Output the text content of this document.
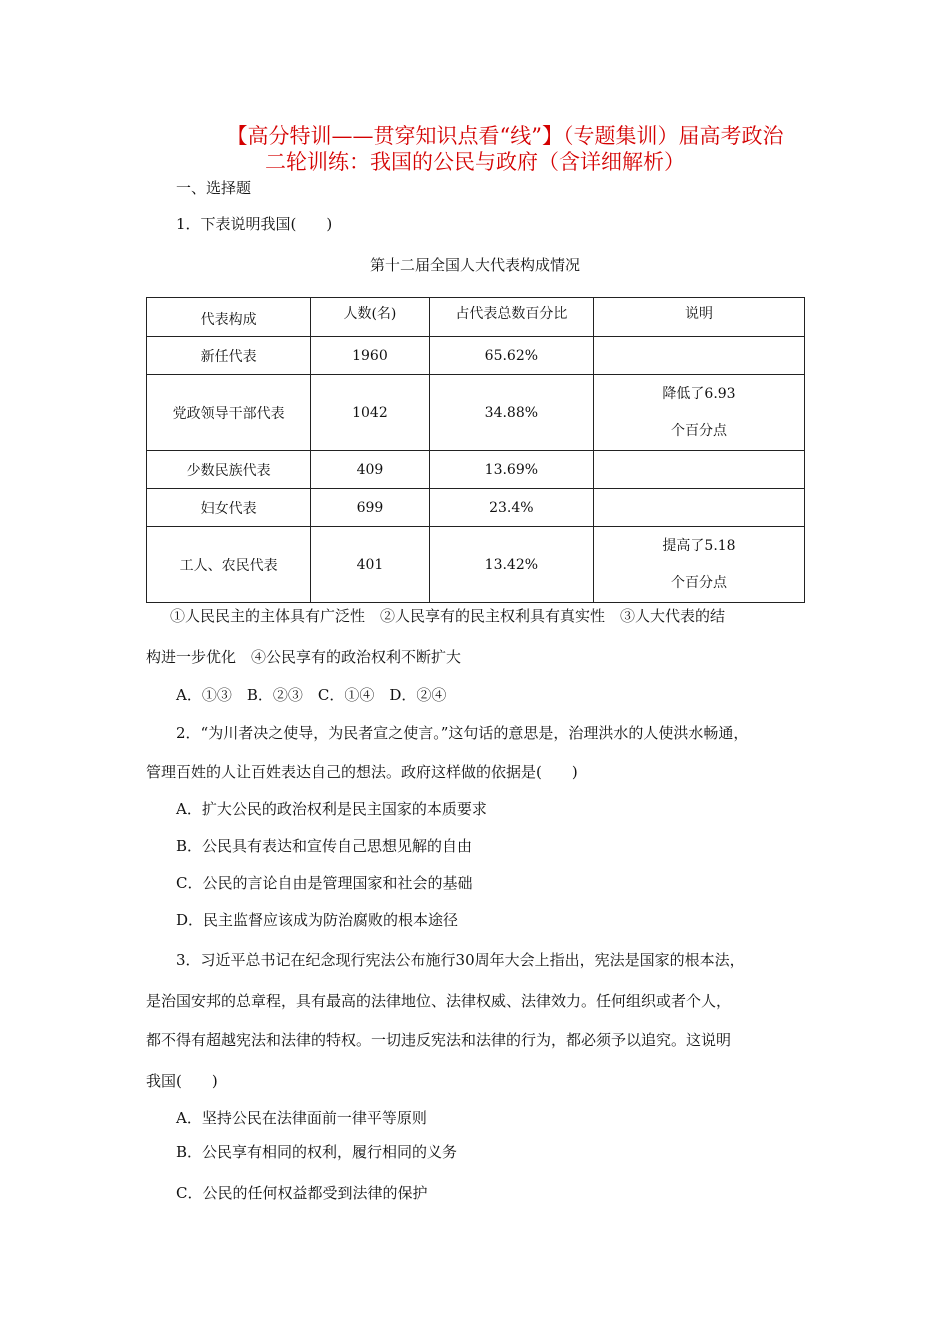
【高分特训——贯穿知识点看“线”】（专题集训）届高考政治
二轮训练：我国的公民与政府（含详细解析）
一、选择题
1．下表说明我国(　　)
第十二届全国人大代表构成情况
代表构成	人数(名)	占代表总数百分比	说明
新任代表	1960	65.62%	
党政领导干部代表	1042	34.88%	降低了6.93
个百分点

少数民族代表	409	13.69%	
妇女代表	699	23.4%	
工人、农民代表	401	13.42%	提高了5.18
个百分点
①人民民主的主体具有广泛性　②人民享有的民主权利具有真实性　③人大代表的结
构进一步优化　④公民享有的政治权利不断扩大
A．①③　B．②③　C．①④　D．②④
2．“为川者决之使导，为民者宣之使言。”这句话的意思是，治理洪水的人使洪水畅通，
管理百姓的人让百姓表达自己的想法。政府这样做的依据是(　　)
A．扩大公民的政治权利是民主国家的本质要求
B．公民具有表达和宣传自己思想见解的自由
C．公民的言论自由是管理国家和社会的基础
D．民主监督应该成为防治腐败的根本途径
3．习近平总书记在纪念现行宪法公布施行30周年大会上指出，宪法是国家的根本法，
是治国安邦的总章程，具有最高的法律地位、法律权威、法律效力。任何组织或者个人，
都不得有超越宪法和法律的特权。一切违反宪法和法律的行为，都必须予以追究。这说明
我国(　　)
A．坚持公民在法律面前一律平等原则
B．公民享有相同的权利，履行相同的义务
C．公民的任何权益都受到法律的保护
